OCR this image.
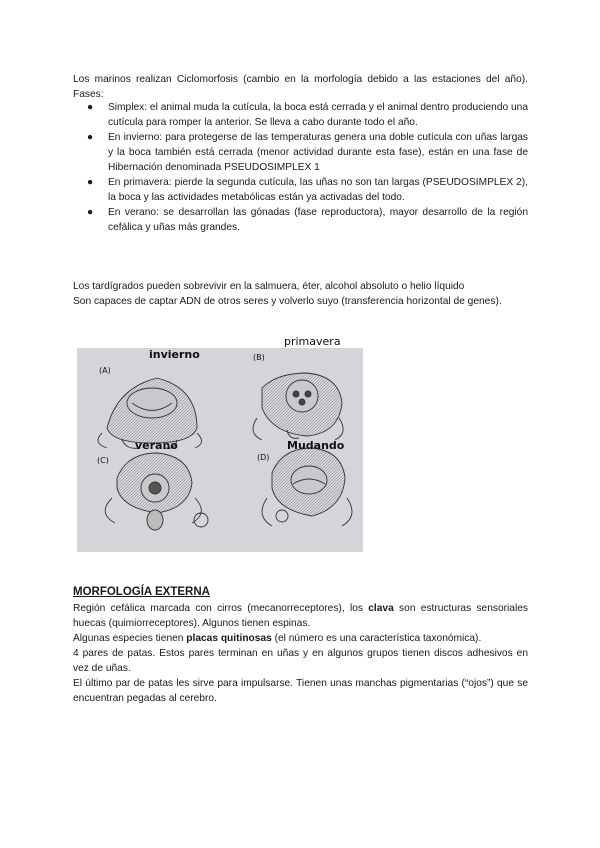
Los marinos realizan Ciclomorfosis (cambio en la morfología debido a las estaciones del año). Fases:

● Simplex: el animal muda la cutícula, la boca está cerrada y el animal dentro produciendo una cutícula para romper la anterior. Se lleva a cabo durante todo el año.
● En invierno: para protegerse de las temperaturas genera una doble cutícula con uñas largas y la boca también está cerrada (menor actividad durante esta fase), están en una fase de Hibernación denominada PSEUDOSIMPLEX 1
● En primavera: pierde la segunda cutícula, las uñas no son tan largas (PSEUDOSIMPLEX 2), la boca y las actividades metabólicas están ya activadas del todo.
● En verano: se desarrollan las gónadas (fase reproductora), mayor desarrollo de la región cefálica y uñas más grandes.

Los tardígrados pueden sobrevivir en la salmuera, éter, alcohol absoluto o helio líquido

Son capaces de captar ADN de otros seres y volverlo suyo (transferencia horizontal de genes).

primavera
invierno
verano	Mudando
(A)
(B)
(C)	(D)
MORFOLOGÍA EXTERNA

Región cefálica marcada con cirros (mecanorreceptores), los clava son estructuras sensoriales huecas (quimiorreceptores). Algunos tienen espinas.

Algunas especies tienen placas quitinosas (el número es una característica taxonómica).

4 pares de patas. Estos pares terminan en uñas y en algunos grupos tienen discos adhesivos en vez de uñas.

El último par de patas les sirve para impulsarse. Tienen unas manchas pigmentarias (“ojos”) que se encuentran pegadas al cerebro.
